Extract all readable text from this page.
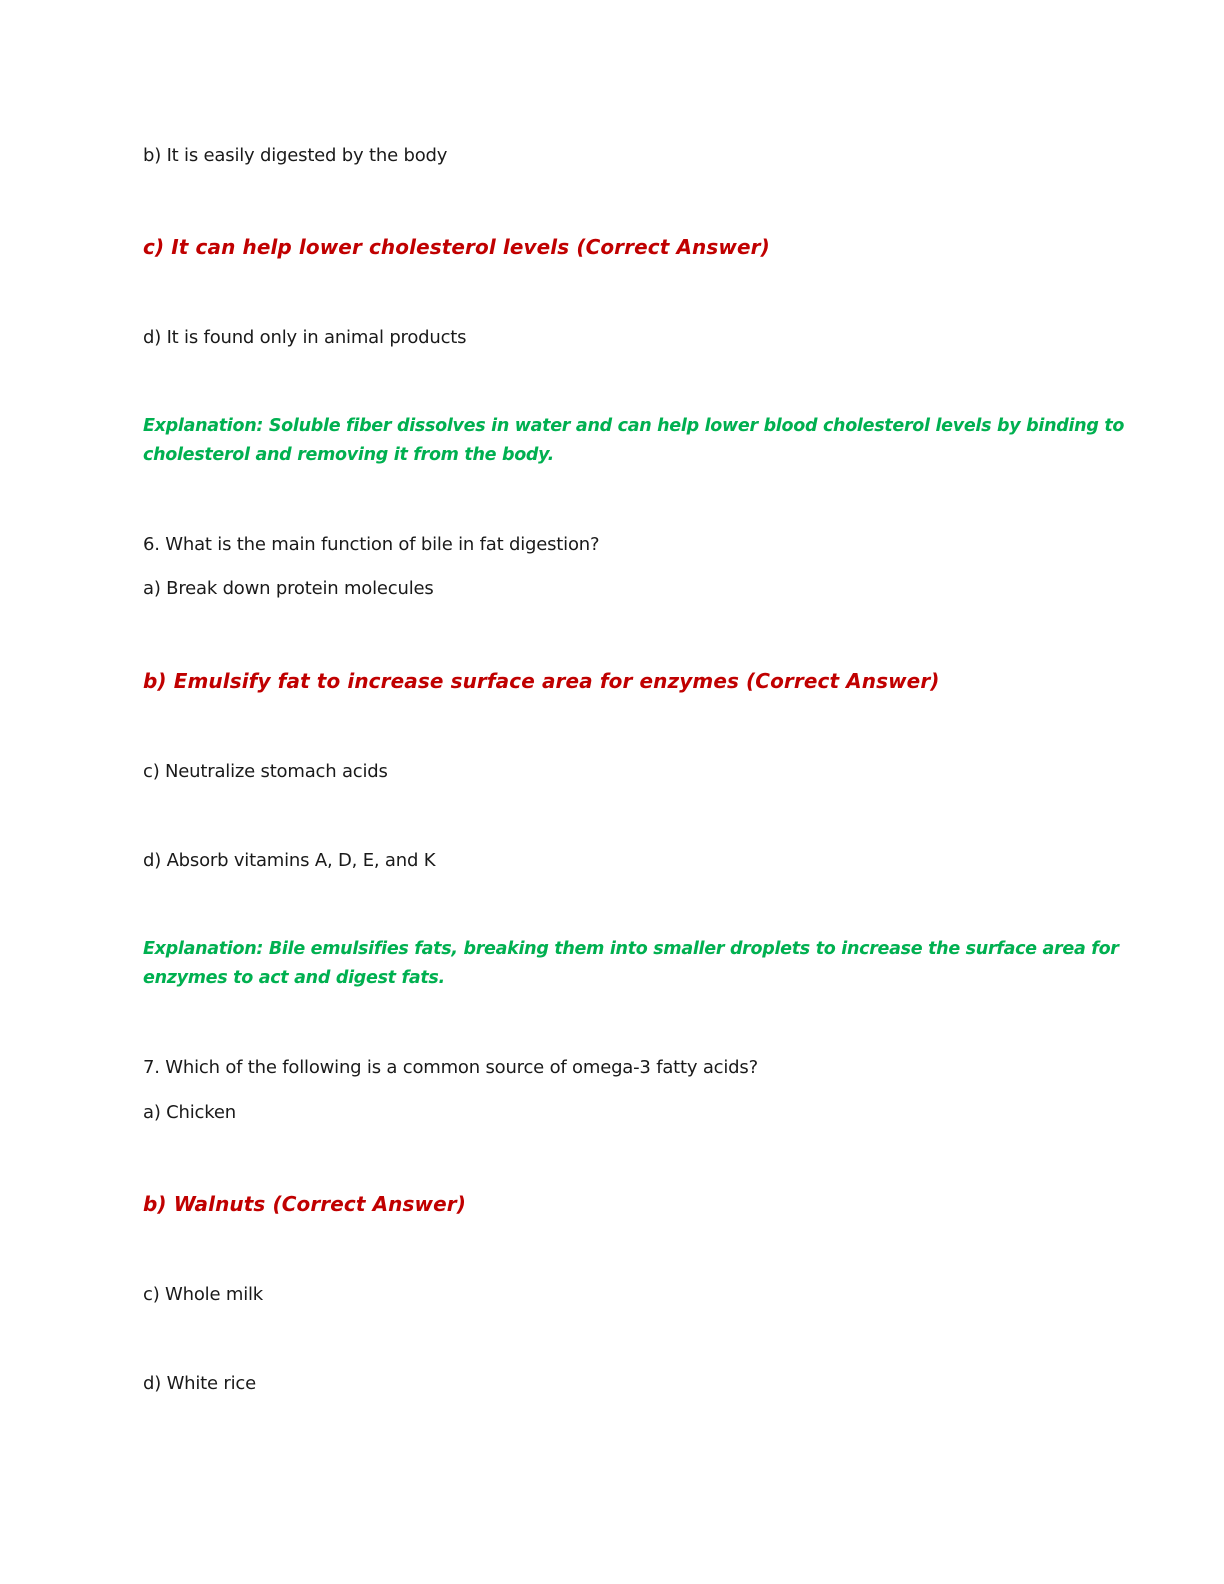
b) It is easily digested by the body
c) It can help lower cholesterol levels (Correct Answer)
d) It is found only in animal products
Explanation: Soluble fiber dissolves in water and can help lower blood cholesterol levels by binding to
cholesterol and removing it from the body.
6. What is the main function of bile in fat digestion?
a) Break down protein molecules
b) Emulsify fat to increase surface area for enzymes (Correct Answer)
c) Neutralize stomach acids
d) Absorb vitamins A, D, E, and K
Explanation: Bile emulsifies fats, breaking them into smaller droplets to increase the surface area for
enzymes to act and digest fats.
7. Which of the following is a common source of omega-3 fatty acids?
a) Chicken
b) Walnuts (Correct Answer)
c) Whole milk
d) White rice
